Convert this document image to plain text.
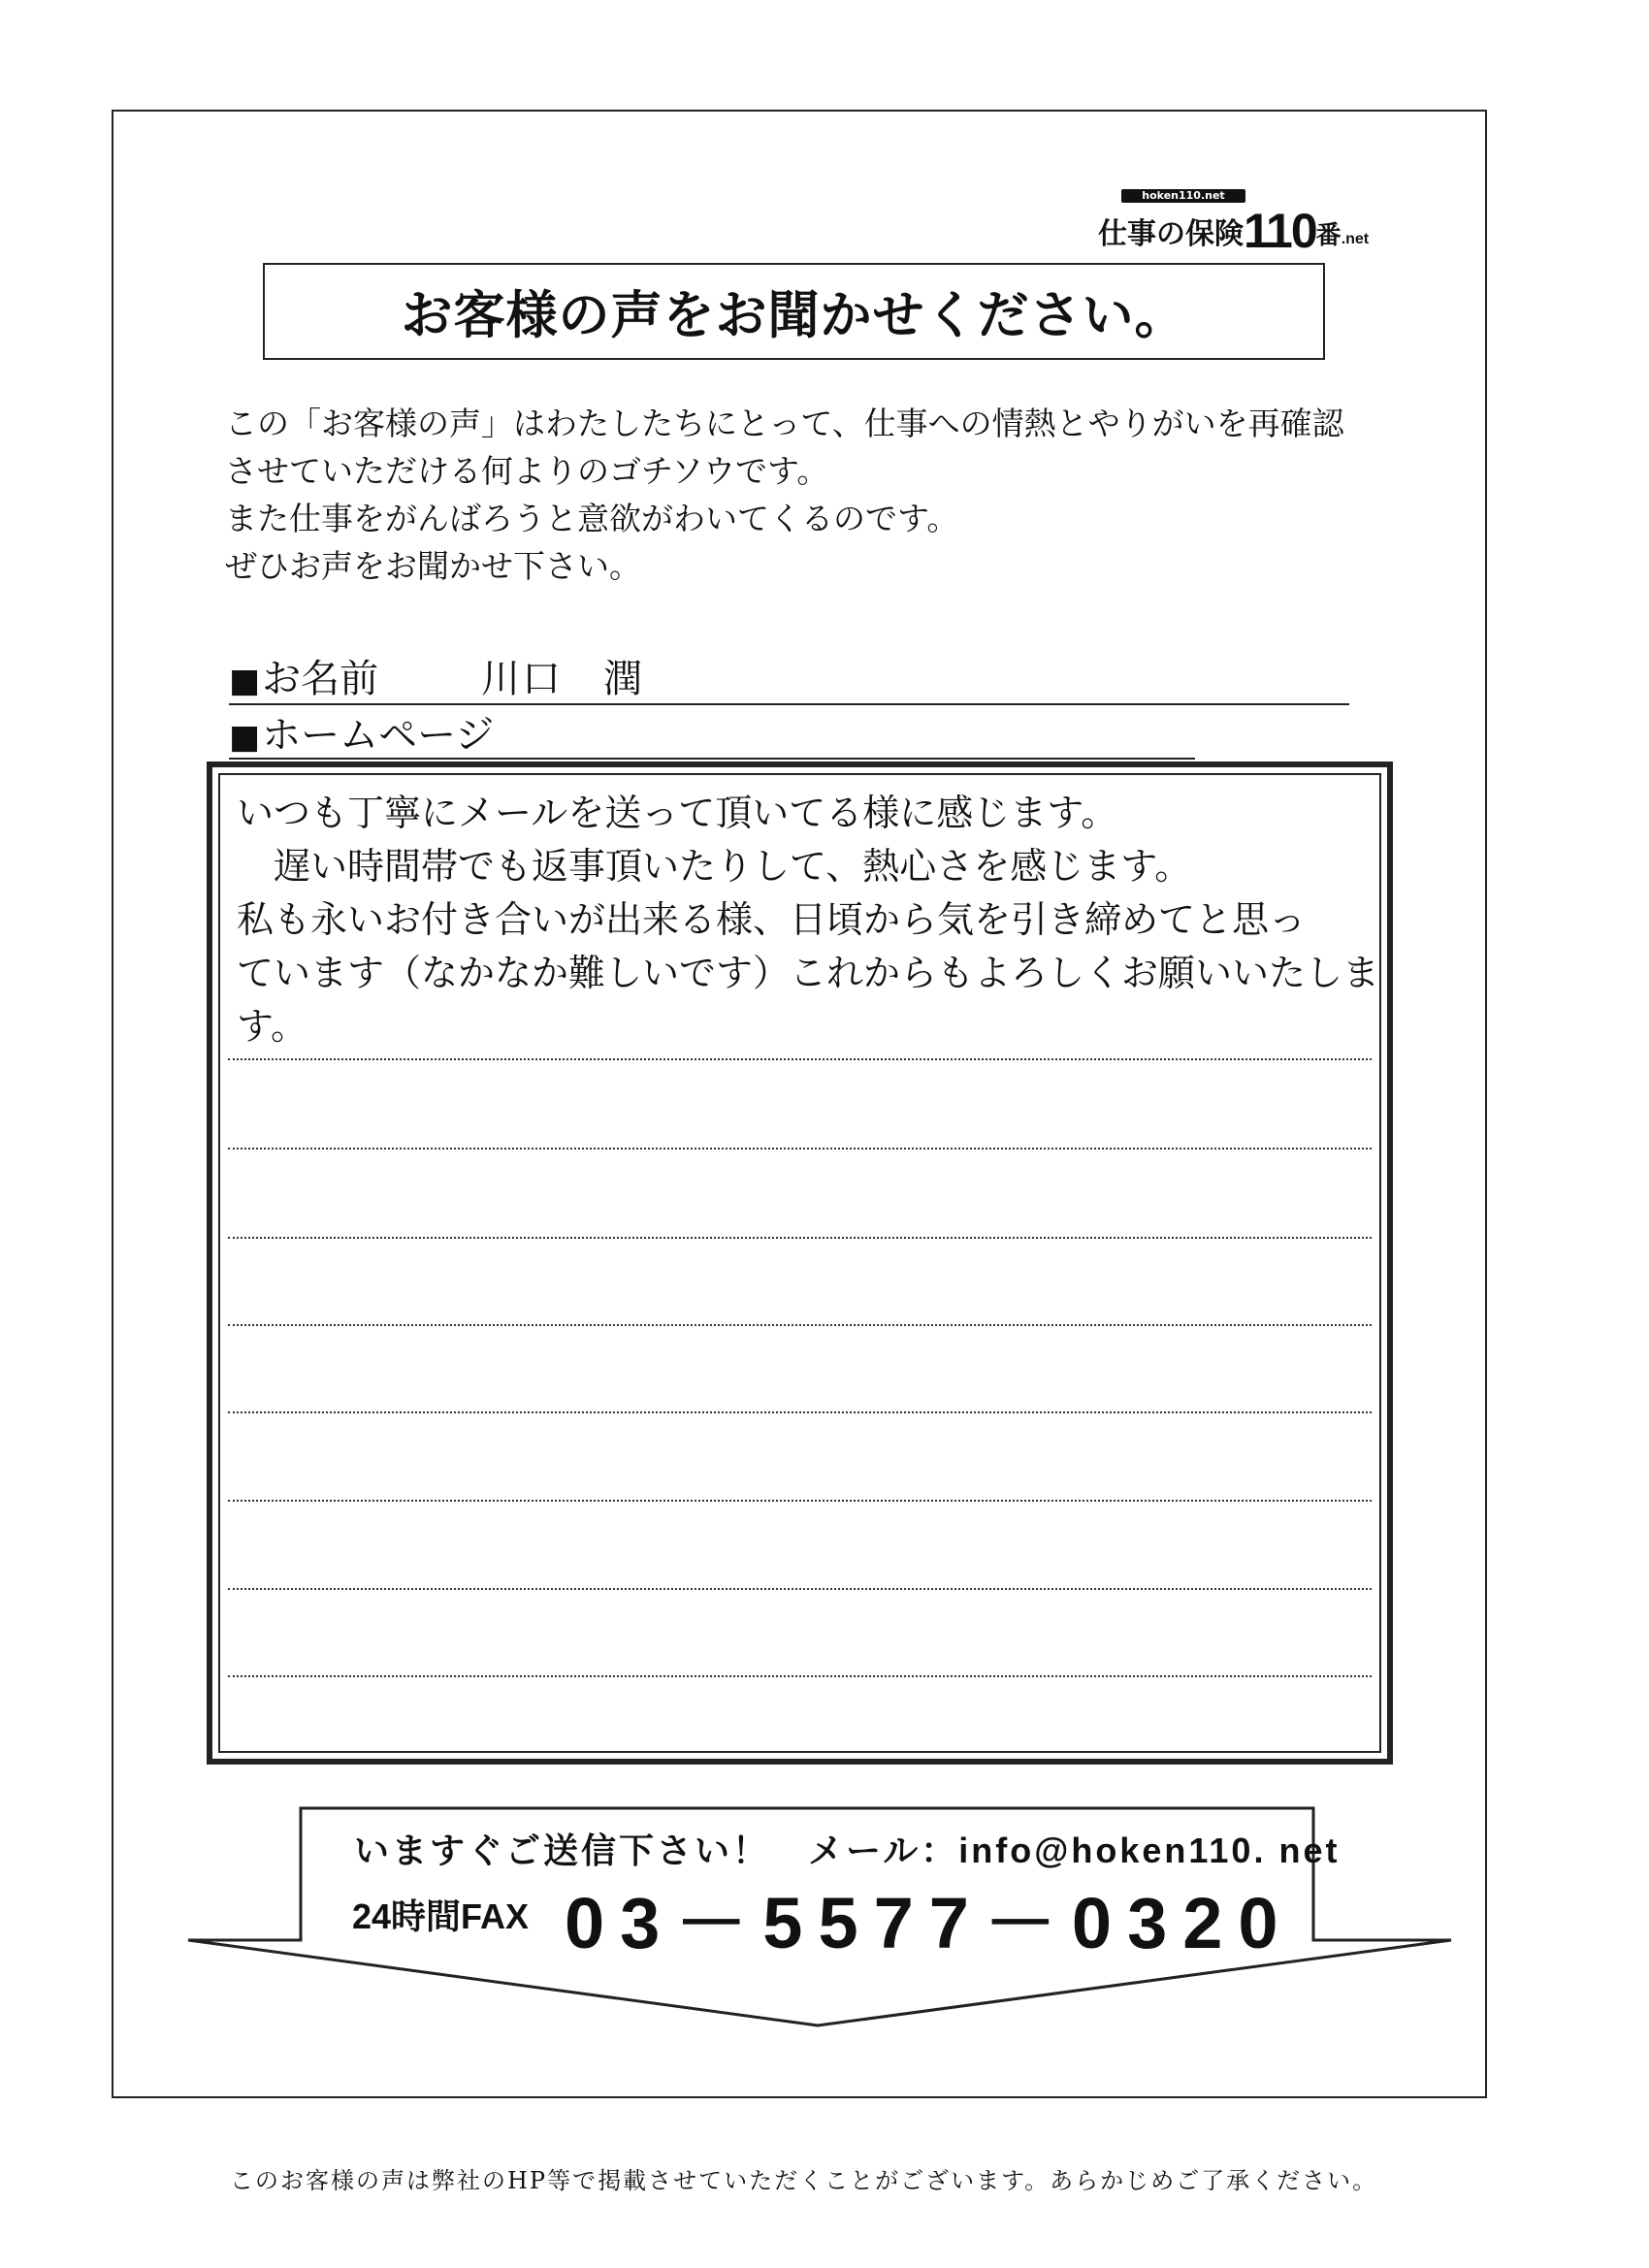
hoken110.net
仕事の保険110番.net
お客様の声をお聞かせください。

この「お客様の声」はわたしたちにとって、仕事への情熱とやりがいを再確認

させていただける何よりのゴチソウです。

また仕事をがんばろうと意欲がわいてくるのです。

ぜひお声をお聞かせ下さい。

■お名前	川口　潤
■ホームページ

いつも丁寧にメールを送って頂いてる様に感じます。

　遅い時間帯でも返事頂いたりして、熱心さを感じます。

私も永いお付き合いが出来る様、日頃から気を引き締めてと思っ

ています（なかなか難しいです）これからもよろしくお願いいたしま

す。

いますぐご送信下さい！　メール：info@hoken110. net
24時間FAX 03－5577－0320
このお客様の声は弊社のHP等で掲載させていただくことがございます。あらかじめご了承ください。
